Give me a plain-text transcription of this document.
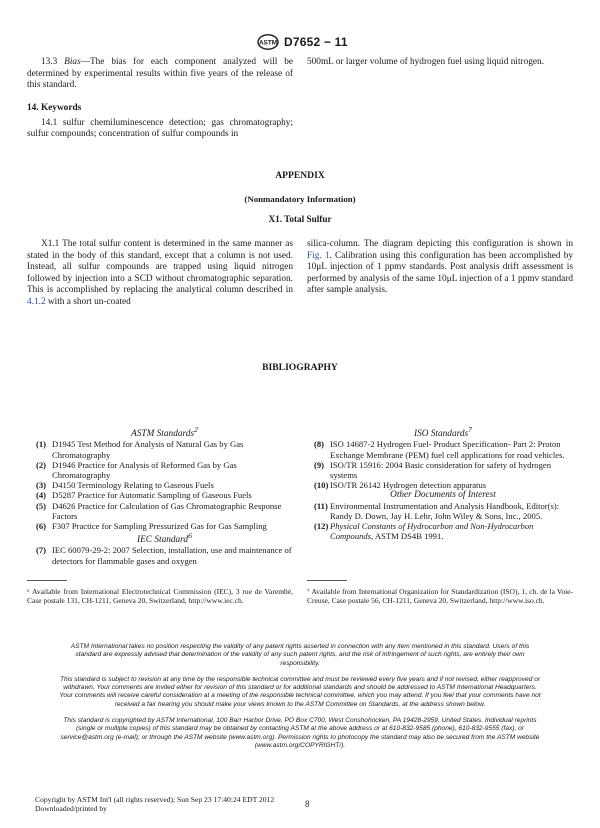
ASTM D7652 − 11

13.3 Bias—The bias for each component analyzed will be determined by experimental results within five years of the release of this standard.

500mL or larger volume of hydrogen fuel using liquid nitrogen.

14. Keywords

14.1 sulfur chemiluminescence detection; gas chromatography; sulfur compounds; concentration of sulfur compounds in

APPENDIX
(Nonmandatory Information)
X1. Total Sulfur

X1.1 The total sulfur content is determined in the same manner as stated in the body of this standard, except that a column is not used. Instead, all sulfur compounds are trapped using liquid nitrogen followed by injection into a SCD without chromatographic separation. This is accomplished by replacing the analytical column described in 4.1.2 with a short un-coated

silica-column. The diagram depicting this configuration is shown in Fig. 1. Calibration using this configuration has been accomplished by 10μL injection of 1 ppmv standards. Post analysis drift assessment is performed by analysis of the same 10μL injection of a 1 ppmv standard after sample analysis.

BIBLIOGRAPHY
ASTM Standards$^2$
(1) D1945 Test Method for Analysis of Natural Gas by Gas Chromatography
(2) D1946 Practice for Analysis of Reformed Gas by Gas Chromatography
(3) D4150 Terminology Relating to Gaseous Fuels
(4) D5287 Practice for Automatic Sampling of Gaseous Fuels
(5) D4626 Practice for Calculation of Gas Chromatographic Response Factors
(6) F307 Practice for Sampling Pressurized Gas for Gas Sampling
IEC Standard$^6$
(7) IEC 60079-29-2: 2007 Selection, installation, use and maintenance of detectors for flammable gases and oxygen
ISO Standards$^7$
(8) ISO 14687-2 Hydrogen Fuel- Product Specification- Part 2: Proton Exchange Membrane (PEM) fuel cell applications for road vehicles.
(9) ISO/TR 15916: 2004 Basic consideration for safety of hydrogen systems
(10) ISO/TR 26142 Hydrogen detection apparatus
Other Documents of Interest
(11) Environmental Instrumentation and Analysis Handbook, Editor(s): Randy D. Down, Jay H. Lehr, John Wiley & Sons, Inc., 2005.
(12) Physical Constants of Hydrocarbon and Non-Hydrocarbon Compounds, ASTM DS4B 1991.

⁶ Available from International Electrotechnical Commission (IEC), 3 rue de Varembé, Case postale 131, CH-1211, Geneva 20, Switzerland, http://www.iec.ch.

⁷ Available from International Organization for Standardization (ISO), 1, ch. de la Voie-Creuse, Case postale 56, CH-1211, Geneva 20, Switzerland, http://www.iso.ch.

ASTM International takes no position respecting the validity of any patent rights asserted in connection with any item mentioned in this standard. Users of this standard are expressly advised that determination of the validity of any such patent rights, and the risk of infringement of such rights, are entirely their own responsibility.

This standard is subject to revision at any time by the responsible technical committee and must be reviewed every five years and if not revised, either reapproved or withdrawn. Your comments are invited either for revision of this standard or for additional standards and should be addressed to ASTM International Headquarters. Your comments will receive careful consideration at a meeting of the responsible technical committee, which you may attend. If you feel that your comments have not received a fair hearing you should make your views known to the ASTM Committee on Standards, at the address shown below.

This standard is copyrighted by ASTM International, 100 Barr Harbor Drive, PO Box C700, West Conshohocken, PA 19428-2959, United States. Individual reprints (single or multiple copies) of this standard may be obtained by contacting ASTM at the above address or at 610-832-9585 (phone), 610-832-9555 (fax), or service@astm.org (e-mail); or through the ASTM website (www.astm.org). Permission rights to photocopy the standard may also be secured from the ASTM website (www.astm.org/COPYRIGHT/).

Copyright by ASTM Int'l (all rights reserved); Sun Sep 23 17:40:24 EDT 2012
Downloaded/printed by	8
